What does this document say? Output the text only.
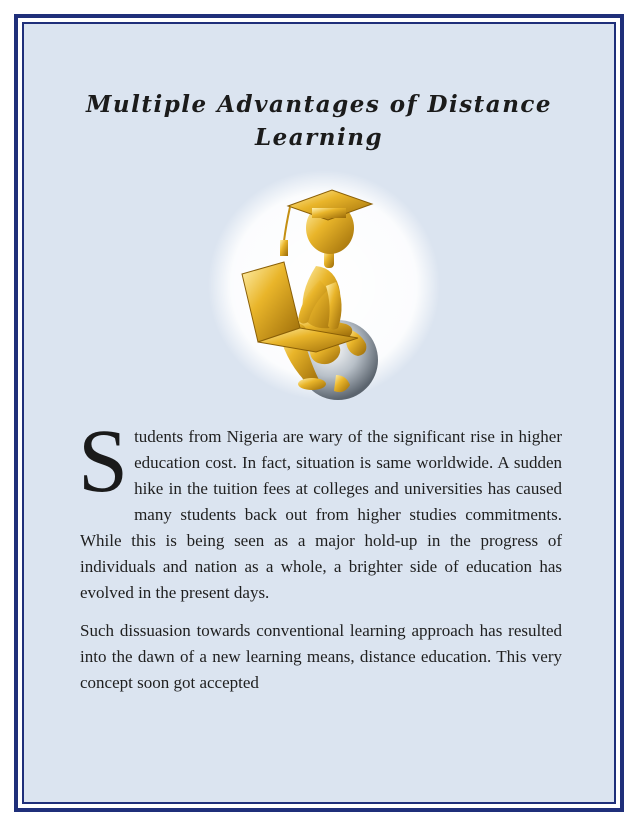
Multiple Advantages of Distance Learning

Students from Nigeria are wary of the significant rise in higher education cost. In fact, situation is same worldwide. A sudden hike in the tuition fees at colleges and universities has caused many students back out from higher studies commitments. While this is being seen as a major hold-up in the progress of individuals and nation as a whole, a brighter side of education has evolved in the present days.

Such dissuasion towards conventional learning approach has resulted into the dawn of a new learning means, distance education. This very concept soon got accepted
